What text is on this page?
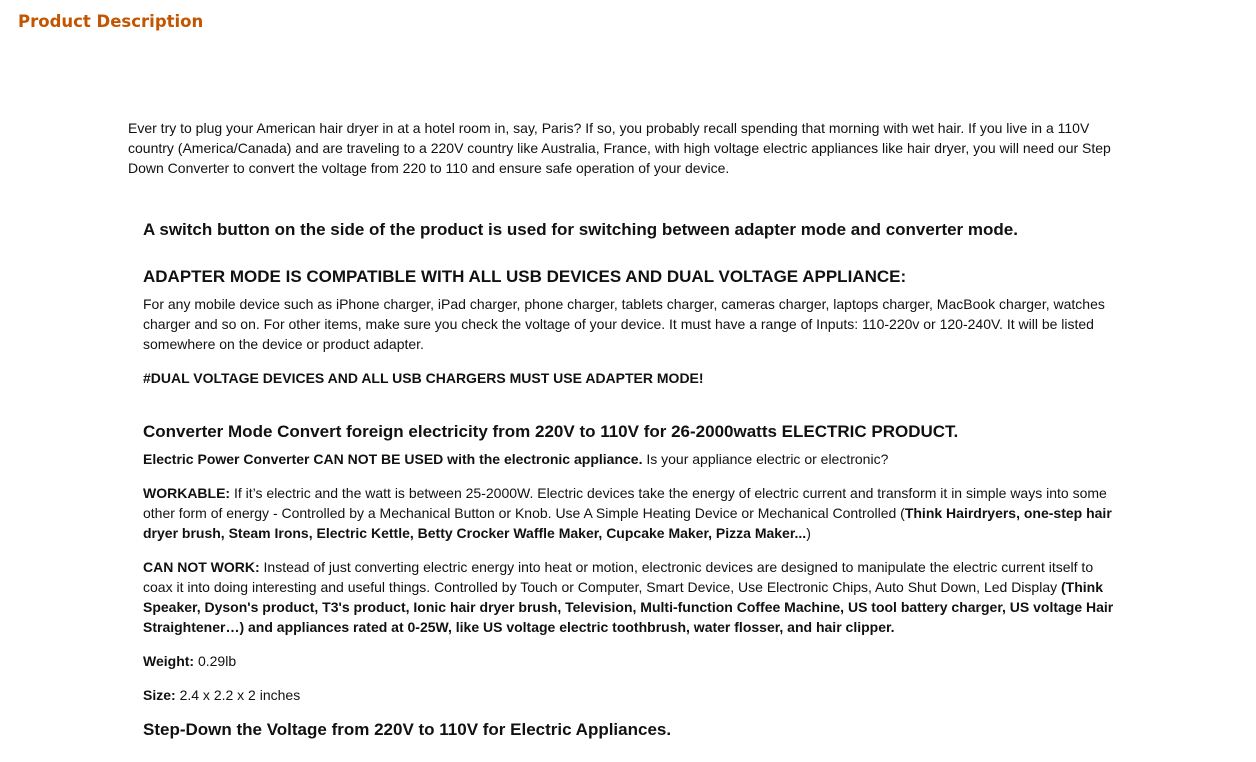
Product Description

Ever try to plug your American hair dryer in at a hotel room in, say, Paris? If so, you probably recall spending that morning with wet hair. If you live in a 110V country (America/Canada) and are traveling to a 220V country like Australia, France, with high voltage electric appliances like hair dryer, you will need our Step Down Converter to convert the voltage from 220 to 110 and ensure safe operation of your device.

A switch button on the side of the product is used for switching between adapter mode and converter mode.
ADAPTER MODE IS COMPATIBLE WITH ALL USB DEVICES AND DUAL VOLTAGE APPLIANCE:

For any mobile device such as iPhone charger, iPad charger, phone charger, tablets charger, cameras charger, laptops charger, MacBook charger, watches charger and so on. For other items, make sure you check the voltage of your device. It must have a range of Inputs: 110-220v or 120-240V. It will be listed somewhere on the device or product adapter.

#DUAL VOLTAGE DEVICES AND ALL USB CHARGERS MUST USE ADAPTER MODE!

Converter Mode Convert foreign electricity from 220V to 110V for 26-2000watts ELECTRIC PRODUCT.

Electric Power Converter CAN NOT BE USED with the electronic appliance. Is your appliance electric or electronic?

WORKABLE: If it’s electric and the watt is between 25-2000W. Electric devices take the energy of electric current and transform it in simple ways into some other form of energy - Controlled by a Mechanical Button or Knob. Use A Simple Heating Device or Mechanical Controlled (Think Hairdryers, one-step hair dryer brush, Steam Irons, Electric Kettle, Betty Crocker Waffle Maker, Cupcake Maker, Pizza Maker...)

CAN NOT WORK: Instead of just converting electric energy into heat or motion, electronic devices are designed to manipulate the electric current itself to coax it into doing interesting and useful things. Controlled by Touch or Computer, Smart Device, Use Electronic Chips, Auto Shut Down, Led Display (Think Speaker, Dyson's product, T3's product, Ionic hair dryer brush, Television, Multi-function Coffee Machine, US tool battery charger, US voltage Hair Straightener…) and appliances rated at 0-25W, like US voltage electric toothbrush, water flosser, and hair clipper.

Weight: 0.29lb

Size: 2.4 x 2.2 x 2 inches

Step-Down the Voltage from 220V to 110V for Electric Appliances.
